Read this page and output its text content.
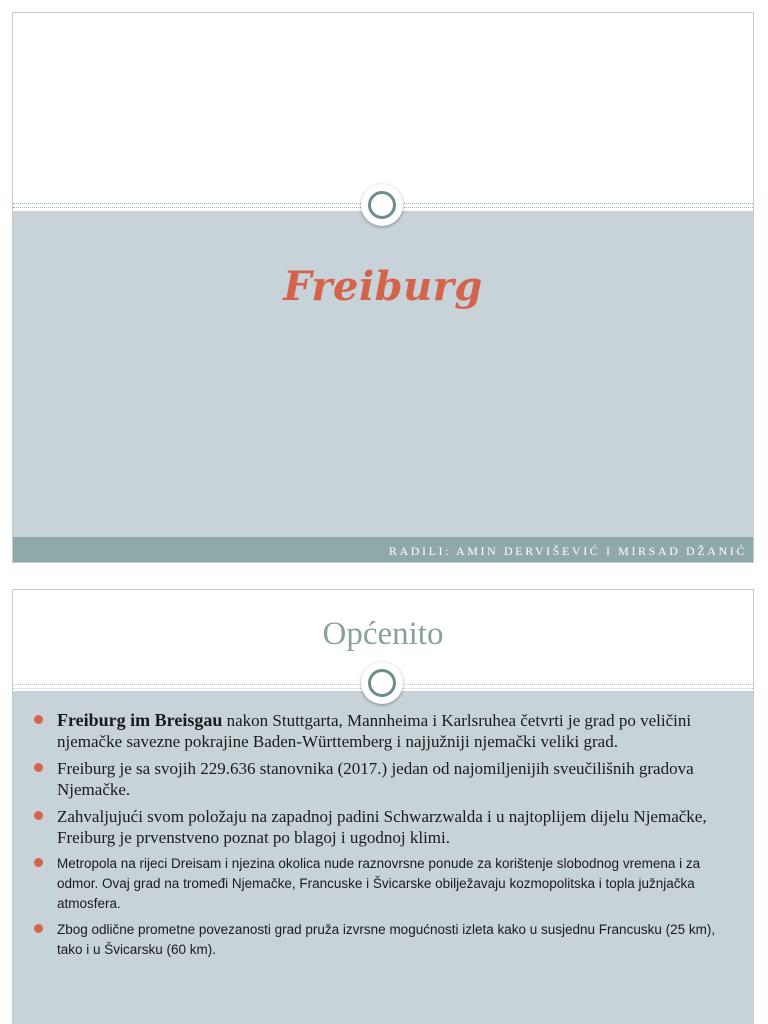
Freiburg
RADILI: AMIN DERVIŠEVIĆ I MIRSAD DŽANIĆ
Općenito
Freiburg im Breisgau nakon Stuttgarta, Mannheima i Karlsruhea četvrti je grad po veličini njemačke savezne pokrajine Baden-Württemberg i najjužniji njemački veliki grad.
Freiburg je sa svojih 229.636 stanovnika (2017.) jedan od najomiljenijih sveučilišnih gradova Njemačke.
Zahvaljujući svom položaju na zapadnoj padini Schwarzwalda i u najtoplijem dijelu Njemačke, Freiburg je prvenstveno poznat po blagoj i ugodnoj klimi.
Metropola na rijeci Dreisam i njezina okolica nude raznovrsne ponude za korištenje slobodnog vremena i za odmor. Ovaj grad na tromeđi Njemačke, Francuske i Švicarske obilježavaju kozmopolitska i topla južnjačka atmosfera.
Zbog odlične prometne povezanosti grad pruža izvrsne mogućnosti izleta kako u susjednu Francusku (25 km), tako i u Švicarsku (60 km).
